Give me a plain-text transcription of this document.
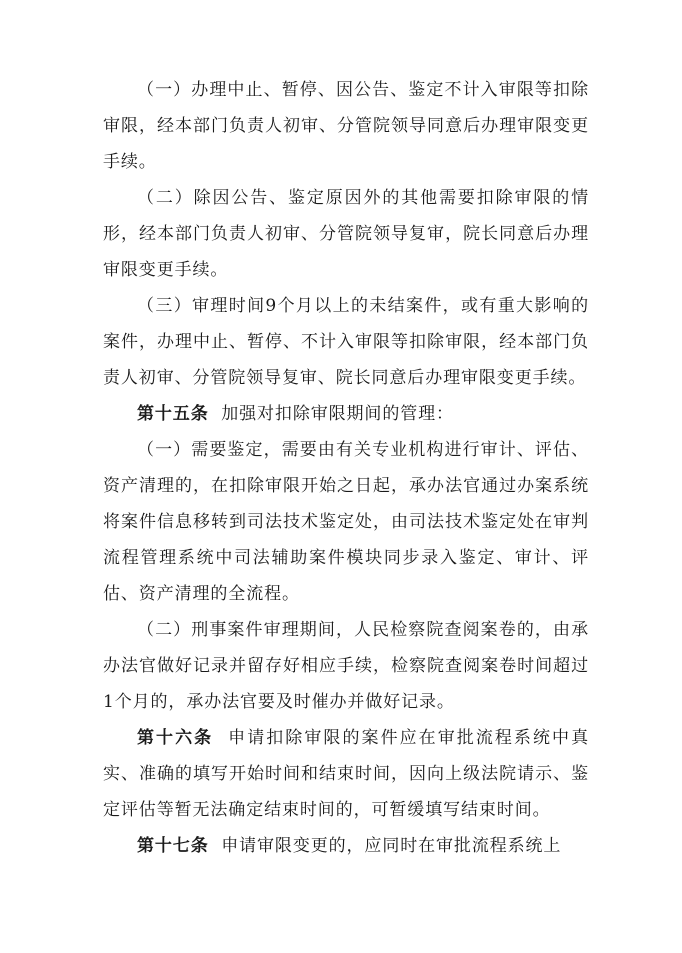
（一）办理中止、暂停、因公告、鉴定不计入审限等扣除审限，经本部门负责人初审、分管院领导同意后办理审限变更手续。

（二）除因公告、鉴定原因外的其他需要扣除审限的情形，经本部门负责人初审、分管院领导复审，院长同意后办理审限变更手续。

（三）审理时间9个月以上的未结案件，或有重大影响的案件，办理中止、暂停、不计入审限等扣除审限，经本部门负责人初审、分管院领导复审、院长同意后办理审限变更手续。

第十五条 加强对扣除审限期间的管理：

（一）需要鉴定，需要由有关专业机构进行审计、评估、资产清理的，在扣除审限开始之日起，承办法官通过办案系统将案件信息移转到司法技术鉴定处，由司法技术鉴定处在审判流程管理系统中司法辅助案件模块同步录入鉴定、审计、评估、资产清理的全流程。

（二）刑事案件审理期间，人民检察院查阅案卷的，由承办法官做好记录并留存好相应手续，检察院查阅案卷时间超过1个月的，承办法官要及时催办并做好记录。

第十六条 申请扣除审限的案件应在审批流程系统中真实、准确的填写开始时间和结束时间，因向上级法院请示、鉴定评估等暂无法确定结束时间的，可暂缓填写结束时间。

第十七条 申请审限变更的，应同时在审批流程系统上
